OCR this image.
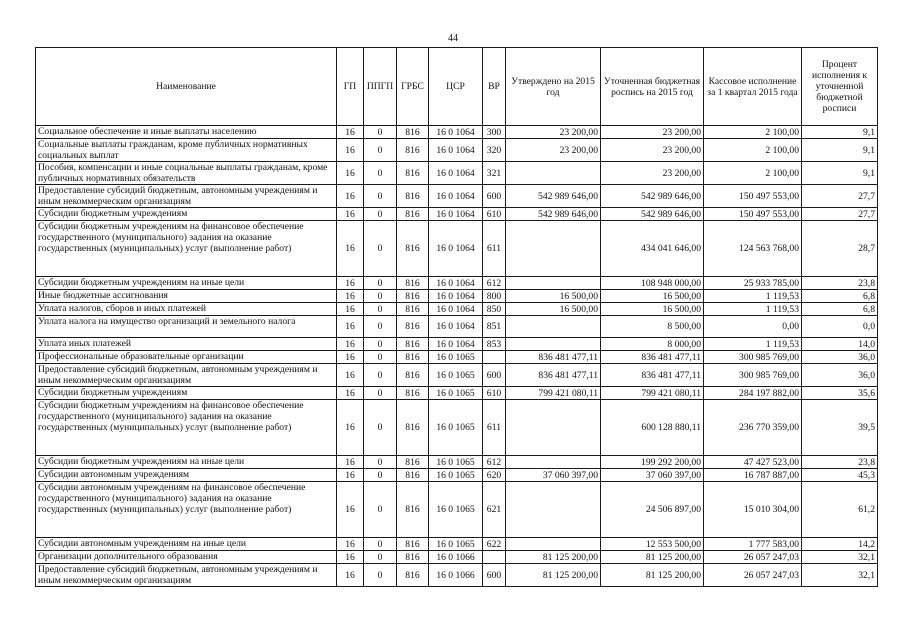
44
Наименование	ГП	ППГП	ГРБС	ЦСР	ВР	Утверждено на 2015 год	Уточненная бюджетная роспись на 2015 год	Кассовое исполнение за 1 квартал 2015 года	Процент исполнения к уточненной бюджетной росписи
Социальное обеспечение и иные выплаты населению	16	0	816	16 0 1064	300	23 200,00	23 200,00	2 100,00	9,1
Социальные выплаты гражданам, кроме публичных нормативных социальных выплат	16	0	816	16 0 1064	320	23 200,00	23 200,00	2 100,00	9,1
Пособия, компенсации и иные социальные выплаты гражданам, кроме публичных нормативных обязательств	16	0	816	16 0 1064	321		23 200,00	2 100,00	9,1
Предоставление субсидий бюджетным, автономным учреждениям и иным некоммерческим организациям	16	0	816	16 0 1064	600	542 989 646,00	542 989 646,00	150 497 553,00	27,7
Субсидии бюджетным учреждениям	16	0	816	16 0 1064	610	542 989 646,00	542 989 646,00	150 497 553,00	27,7
Субсидии бюджетным учреждениям на финансовое обеспечение государственного (муниципального) задания на оказание государственных (муниципальных) услуг (выполнение работ)	16	0	816	16 0 1064	611		434 041 646,00	124 563 768,00	28,7
Субсидии бюджетным учреждениям на иные цели	16	0	816	16 0 1064	612		108 948 000,00	25 933 785,00	23,8
Иные бюджетные ассигнования	16	0	816	16 0 1064	800	16 500,00	16 500,00	1 119,53	6,8
Уплата налогов, сборов и иных платежей	16	0	816	16 0 1064	850	16 500,00	16 500,00	1 119,53	6,8
Уплата налога на имущество организаций и земельного налога	16	0	816	16 0 1064	851		8 500,00	0,00	0,0
Уплата иных платежей	16	0	816	16 0 1064	853		8 000,00	1 119,53	14,0
Профессиональные образовательные организации	16	0	816	16 0 1065		836 481 477,11	836 481 477,11	300 985 769,00	36,0
Предоставление субсидий бюджетным, автономным учреждениям и иным некоммерческим организациям	16	0	816	16 0 1065	600	836 481 477,11	836 481 477,11	300 985 769,00	36,0
Субсидии бюджетным учреждениям	16	0	816	16 0 1065	610	799 421 080,11	799 421 080,11	284 197 882,00	35,6
Субсидии бюджетным учреждениям на финансовое обеспечение государственного (муниципального) задания на оказание государственных (муниципальных) услуг (выполнение работ)	16	0	816	16 0 1065	611		600 128 880,11	236 770 359,00	39,5
Субсидии бюджетным учреждениям на иные цели	16	0	816	16 0 1065	612		199 292 200,00	47 427 523,00	23,8
Субсидии автономным учреждениям	16	0	816	16 0 1065	620	37 060 397,00	37 060 397,00	16 787 887,00	45,3
Субсидии автономным учреждениям на финансовое обеспечение государственного (муниципального) задания на оказание государственных (муниципальных) услуг (выполнение работ)	16	0	816	16 0 1065	621		24 506 897,00	15 010 304,00	61,2
Субсидии автономным учреждениям на иные цели	16	0	816	16 0 1065	622		12 553 500,00	1 777 583,00	14,2
Организации дополнительного образования	16	0	816	16 0 1066		81 125 200,00	81 125 200,00	26 057 247,03	32,1
Предоставление субсидий бюджетным, автономным учреждениям и иным некоммерческим организациям	16	0	816	16 0 1066	600	81 125 200,00	81 125 200,00	26 057 247,03	32,1
